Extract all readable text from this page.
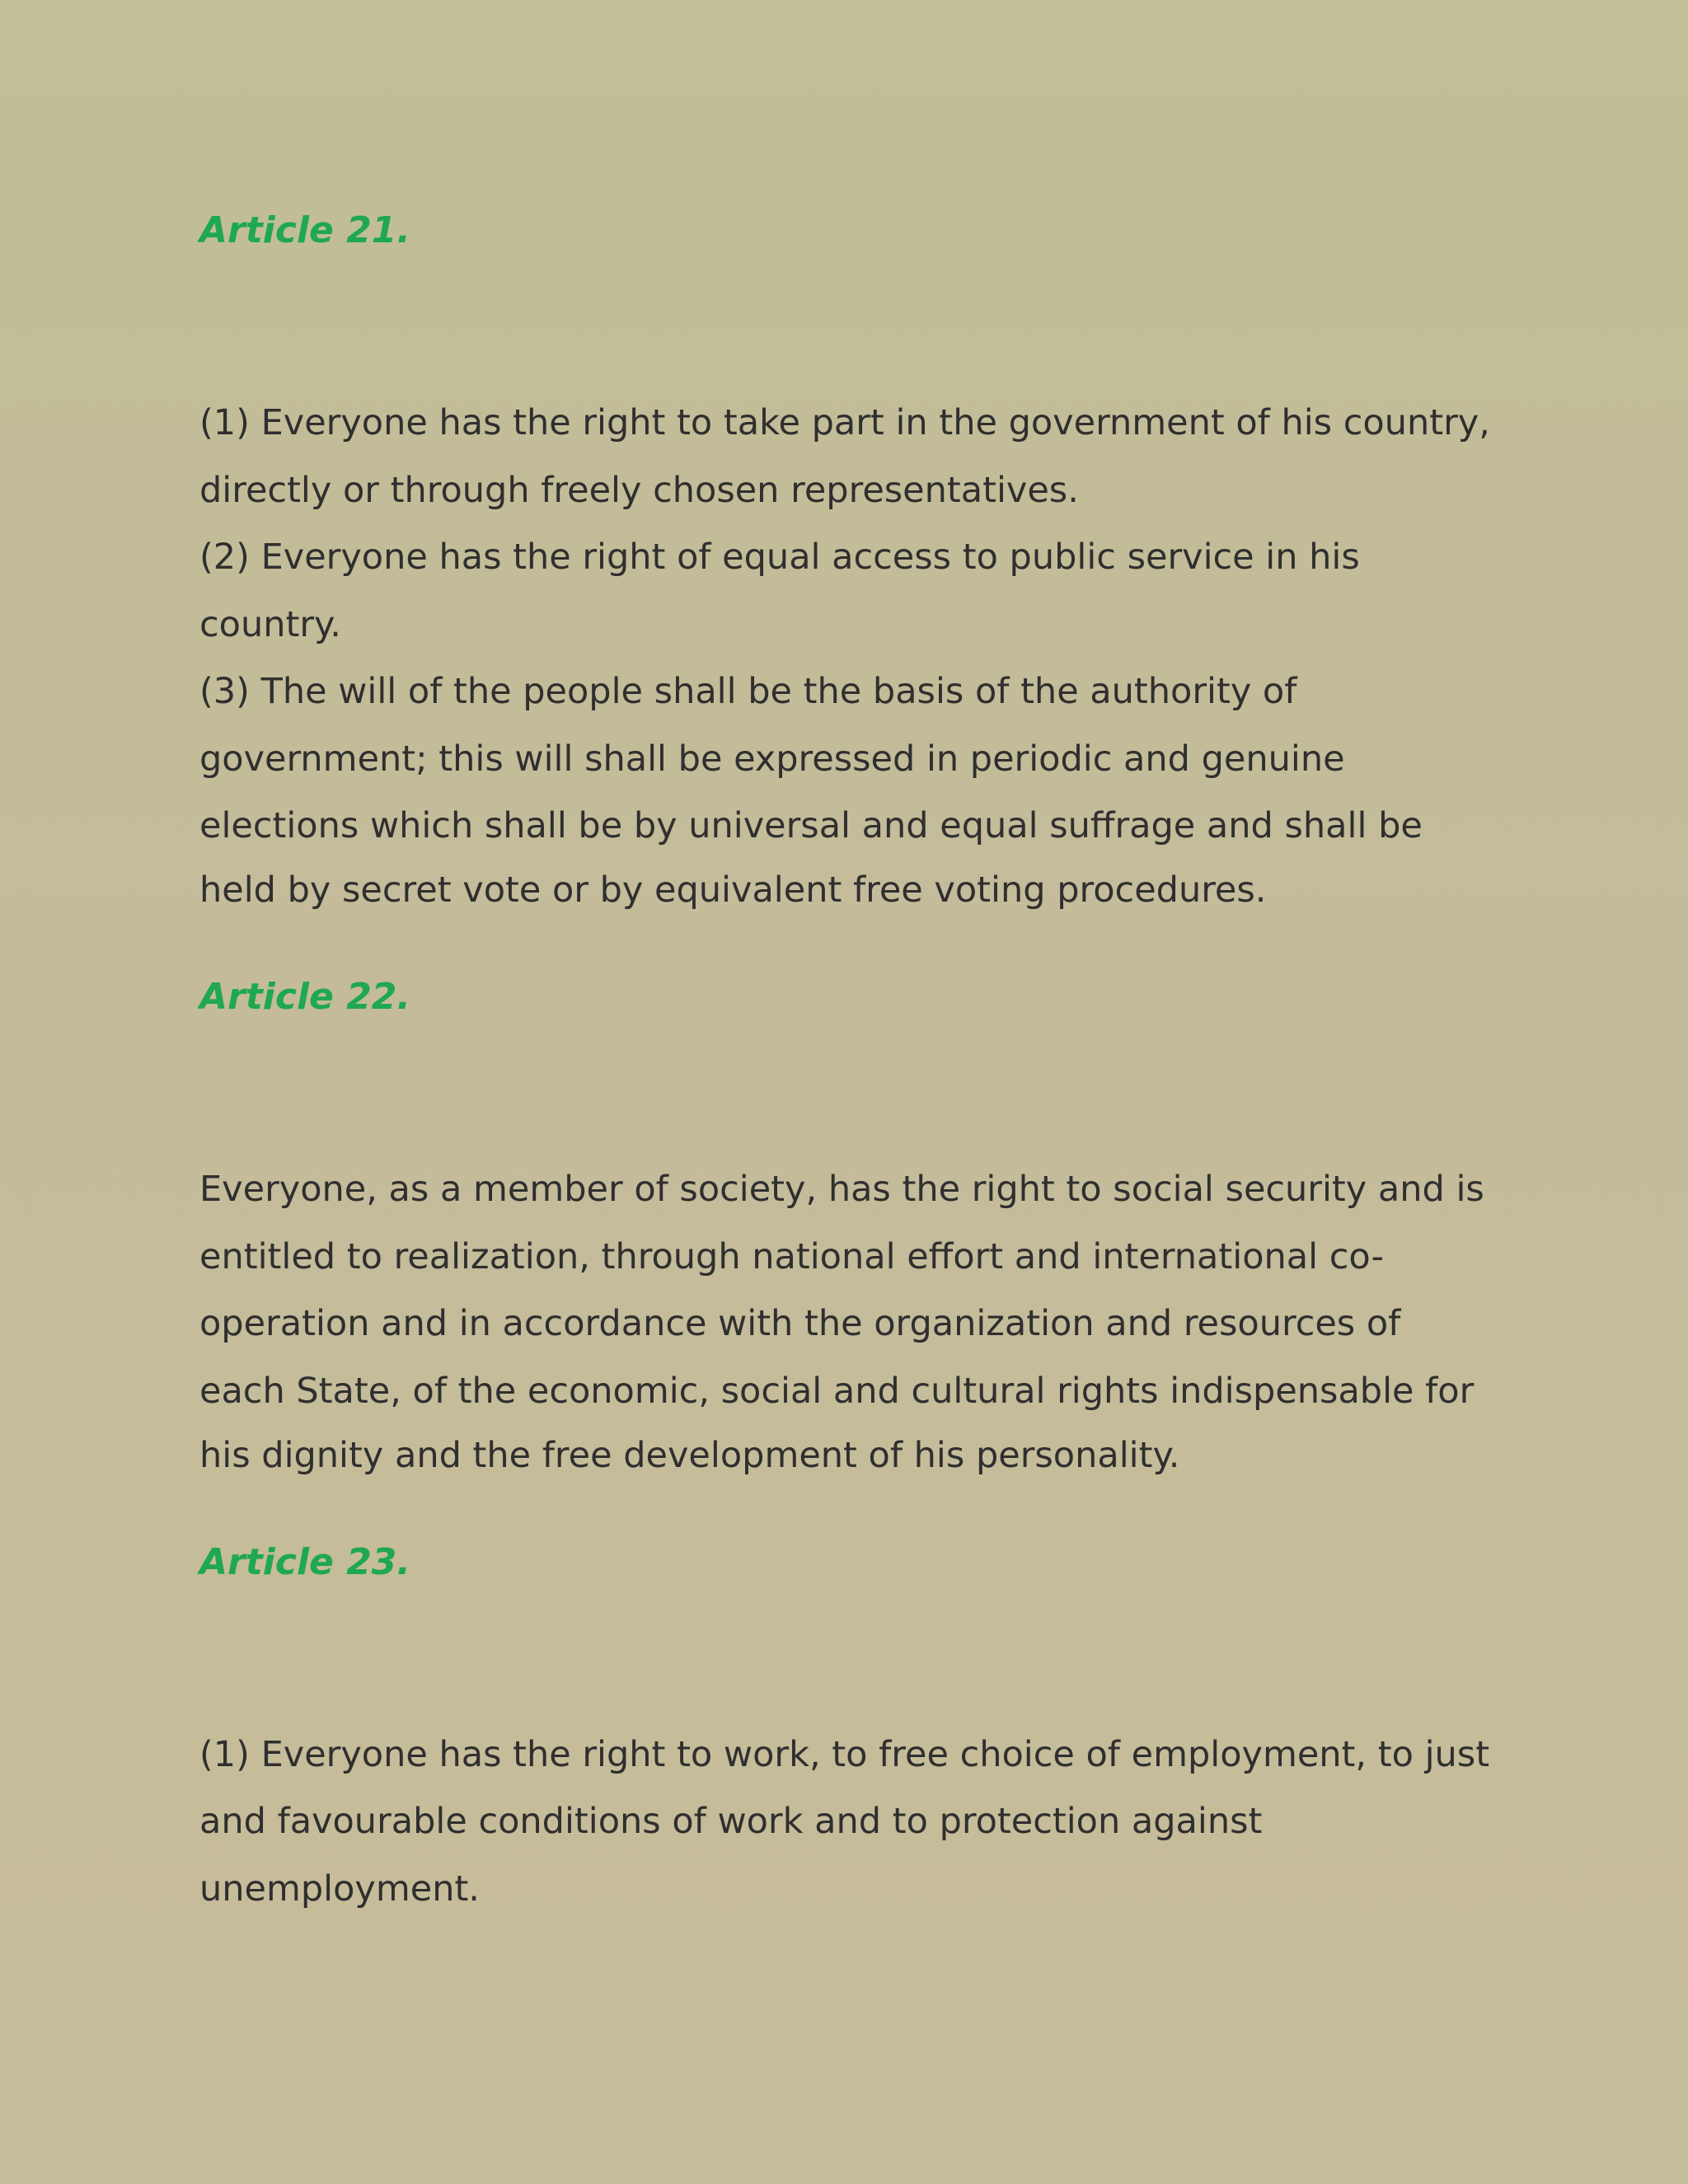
Article 21.

(1) Everyone has the right to take part in the government of his country,

directly or through freely chosen representatives.

(2) Everyone has the right of equal access to public service in his

country.

(3) The will of the people shall be the basis of the authority of

government; this will shall be expressed in periodic and genuine

elections which shall be by universal and equal suffrage and shall be

held by secret vote or by equivalent free voting procedures.

Article 22.

Everyone, as a member of society, has the right to social security and is

entitled to realization, through national effort and international co-

operation and in accordance with the organization and resources of

each State, of the economic, social and cultural rights indispensable for

his dignity and the free development of his personality.

Article 23.

(1) Everyone has the right to work, to free choice of employment, to just

and favourable conditions of work and to protection against

unemployment.
